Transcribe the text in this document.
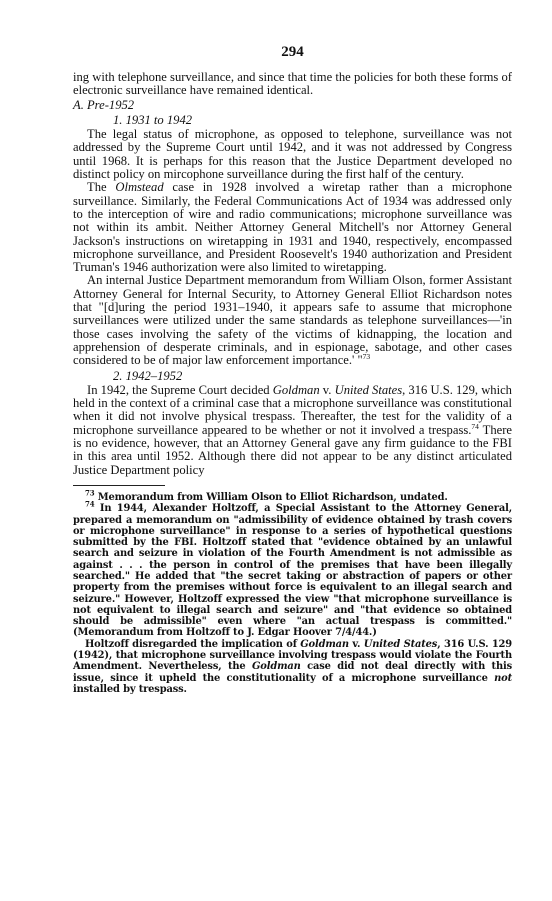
294

ing with telephone surveillance, and since that time the policies for both these forms of electronic surveillance have remained identical.

A. Pre-1952
1. 1931 to 1942

The legal status of microphone, as opposed to telephone, surveillance was not addressed by the Supreme Court until 1942, and it was not addressed by Congress until 1968. It is perhaps for this reason that the Justice Department developed no distinct policy on mircophone surveillance during the first half of the century.

The Olmstead case in 1928 involved a wiretap rather than a microphone surveillance. Similarly, the Federal Communications Act of 1934 was addressed only to the interception of wire and radio communications; microphone surveillance was not within its ambit. Neither Attorney General Mitchell's nor Attorney General Jackson's instructions on wiretapping in 1931 and 1940, respectively, encompassed microphone surveillance, and President Roosevelt's 1940 authorization and President Truman's 1946 authorization were also limited to wiretapping.

An internal Justice Department memorandum from William Olson, former Assistant Attorney General for Internal Security, to Attorney General Elliot Richardson notes that "[d]uring the period 1931–1940, it appears safe to assume that microphone surveillances were utilized under the same standards as telephone surveillances—'in those cases involving the safety of the victims of kidnapping, the location and apprehension of desperate criminals, and in espionage, sabotage, and other cases considered to be of major law enforcement importance.' "$^{73}$

2. 1942–1952

In 1942, the Supreme Court decided Goldman v. United States, 316 U.S. 129, which held in the context of a criminal case that a microphone surveillance was constitutional when it did not involve physical trespass. Thereafter, the test for the validity of a microphone surveillance appeared to be whether or not it involved a trespass.$^{74}$ There is no evidence, however, that an Attorney General gave any firm guidance to the FBI in this area until 1952. Although there did not appear to be any distinct articulated Justice Department policy

$^{73}$ Memorandum from William Olson to Elliot Richardson, undated.

$^{74}$ In 1944, Alexander Holtzoff, a Special Assistant to the Attorney General, prepared a memorandum on "admissibility of evidence obtained by trash covers or microphone surveillance" in response to a series of hypothetical questions submitted by the FBI. Holtzoff stated that "evidence obtained by an unlawful search and seizure in violation of the Fourth Amendment is not admissible as against . . . the person in control of the premises that have been illegally searched." He added that "the secret taking or abstraction of papers or other property from the premises without force is equivalent to an illegal search and seizure." However, Holtzoff expressed the view "that microphone surveillance is not equivalent to illegal search and seizure" and "that evidence so obtained should be admissible" even where "an actual trespass is committed." (Memorandum from Holtzoff to J. Edgar Hoover 7/4/44.)

Holtzoff disregarded the implication of Goldman v. United States, 316 U.S. 129 (1942), that microphone surveillance involving trespass would violate the Fourth Amendment. Nevertheless, the Goldman case did not deal directly with this issue, since it upheld the constitutionality of a microphone surveillance not installed by trespass.
